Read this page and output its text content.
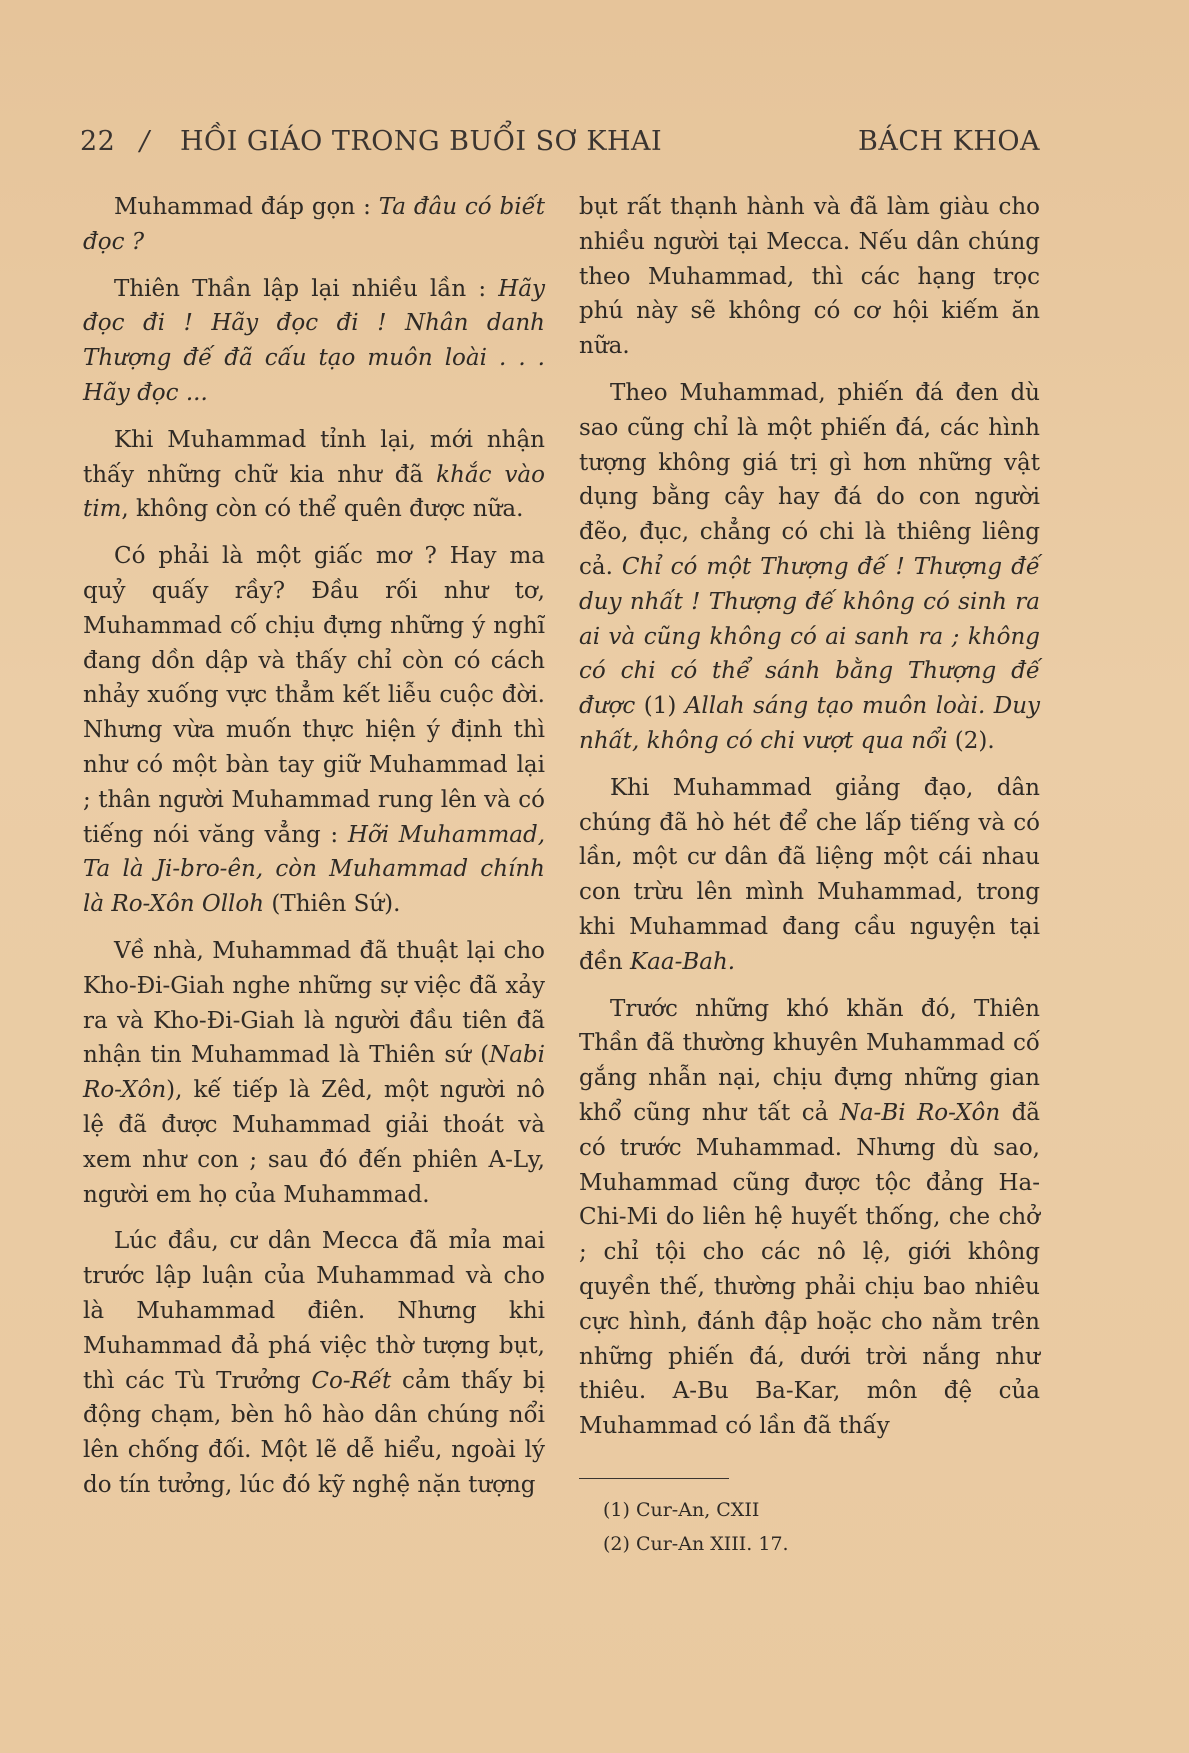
22 / HỒI GIÁO TRONG BUỔI SƠ KHAI	BÁCH KHOA

Muhammad đáp gọn : Ta đâu có biết đọc ?

Thiên Thần lập lại nhiều lần : Hãy đọc đi ! Hãy đọc đi ! Nhân danh Thượng đế đã cấu tạo muôn loài . . . Hãy đọc ...

Khi Muhammad tỉnh lại, mới nhận thấy những chữ kia như đã khắc vào tim, không còn có thể quên được nữa.

Có phải là một giấc mơ ? Hay ma quỷ quấy rầy? Đầu rối như tơ, Muhammad cố chịu đựng những ý nghĩ đang dồn dập và thấy chỉ còn có cách nhảy xuống vực thẳm kết liễu cuộc đời. Nhưng vừa muốn thực hiện ý định thì như có một bàn tay giữ Muhammad lại ; thân người Muhammad rung lên và có tiếng nói văng vẳng : Hỡi Muhammad, Ta là Ji-bro-ên, còn Muhammad chính là Ro-Xôn Olloh (Thiên Sứ).

Về nhà, Muhammad đã thuật lại cho Kho-Đi-Giah nghe những sự việc đã xảy ra và Kho-Đi-Giah là người đầu tiên đã nhận tin Muhammad là Thiên sứ (Nabi Ro-Xôn), kế tiếp là Zêd, một người nô lệ đã được Muhammad giải thoát và xem như con ; sau đó đến phiên A-Ly, người em họ của Muhammad.

Lúc đầu, cư dân Mecca đã mỉa mai trước lập luận của Muhammad và cho là Muhammad điên. Nhưng khi Muhammad đả phá việc thờ tượng bụt, thì các Tù Trưởng Co-Rết cảm thấy bị động chạm, bèn hô hào dân chúng nổi lên chống đối. Một lẽ dễ hiểu, ngoài lý do tín tưởng, lúc đó kỹ nghệ nặn tượng

bụt rất thạnh hành và đã làm giàu cho nhiều người tại Mecca. Nếu dân chúng theo Muhammad, thì các hạng trọc phú này sẽ không có cơ hội kiếm ăn nữa.

Theo Muhammad, phiến đá đen dù sao cũng chỉ là một phiến đá, các hình tượng không giá trị gì hơn những vật dụng bằng cây hay đá do con người đẽo, đục, chẳng có chi là thiêng liêng cả. Chỉ có một Thượng đế ! Thượng đế duy nhất ! Thượng đế không có sinh ra ai và cũng không có ai sanh ra ; không có chi có thể sánh bằng Thượng đế được (1) Allah sáng tạo muôn loài. Duy nhất, không có chi vượt qua nổi (2).

Khi Muhammad giảng đạo, dân chúng đã hò hét để che lấp tiếng và có lần, một cư dân đã liệng một cái nhau con trừu lên mình Muhammad, trong khi Muhammad đang cầu nguyện tại đền Kaa-Bah.

Trước những khó khăn đó, Thiên Thần đã thường khuyên Muhammad cố gắng nhẫn nại, chịu đựng những gian khổ cũng như tất cả Na-Bi Ro-Xôn đã có trước Muhammad. Nhưng dù sao, Muhammad cũng được tộc đảng Ha-Chi-Mi do liên hệ huyết thống, che chở ; chỉ tội cho các nô lệ, giới không quyền thế, thường phải chịu bao nhiêu cực hình, đánh đập hoặc cho nằm trên những phiến đá, dưới trời nắng như thiêu. A-Bu Ba-Kar, môn đệ của Muhammad có lần đã thấy

(1) Cur-An, CXII
(2) Cur-An XIII. 17.
